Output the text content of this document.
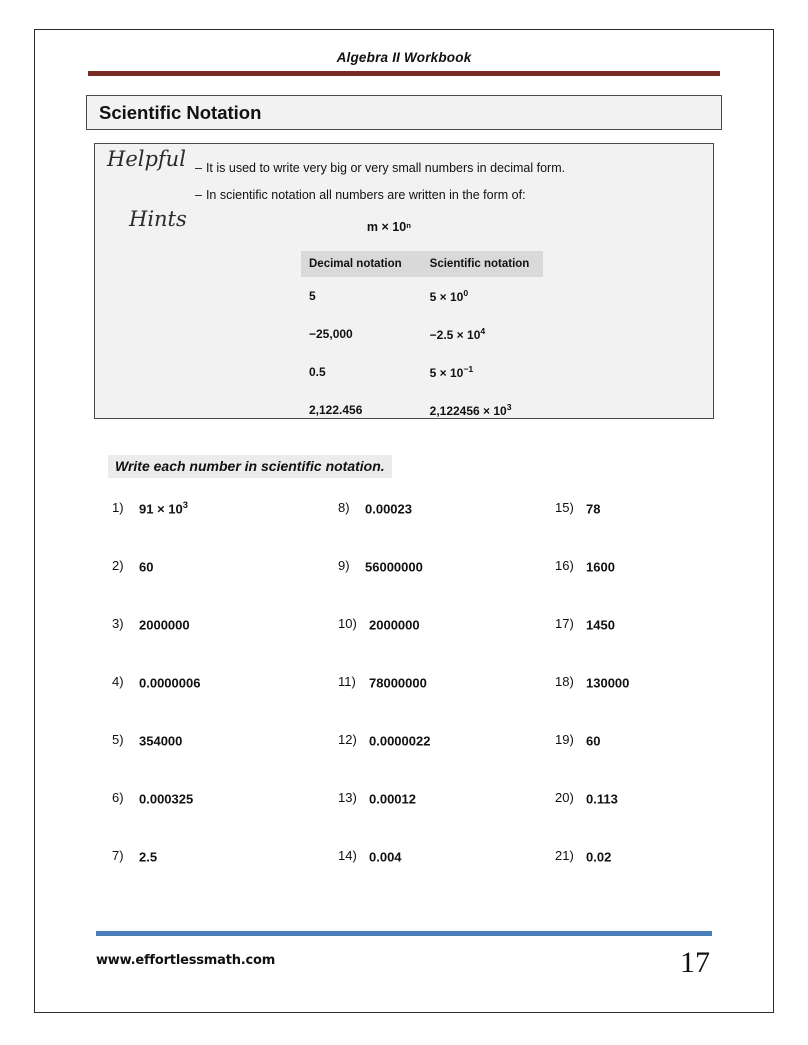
Algebra II Workbook
Scientific Notation
Helpful
Hints
– It is used to write very big or very small numbers in decimal form.
– In scientific notation all numbers are written in the form of:
m × 10ⁿ
Decimal notation	Scientific notation
5	$5 \times 10^0$
−25,000	$-2.5 \times 10^4$
0.5	$5 \times 10^{-1}$
2,122.456	$2,122456 \times 10^3$
Write each number in scientific notation.
1)	$91 \times 10^3$
2)	60
3)	2000000
4)	0.0000006
5)	354000
6)	0.000325
7)	2.5
8)	0.00023
9)	56000000
10) 2000000
11)	78000000
12) 0.0000022
13) 0.00012
14) 0.004
15) 78
16) 1600
17) 1450
18) 130000
19) 60
20) 0.113
21) 0.02
www.effortlessmath.com	17
